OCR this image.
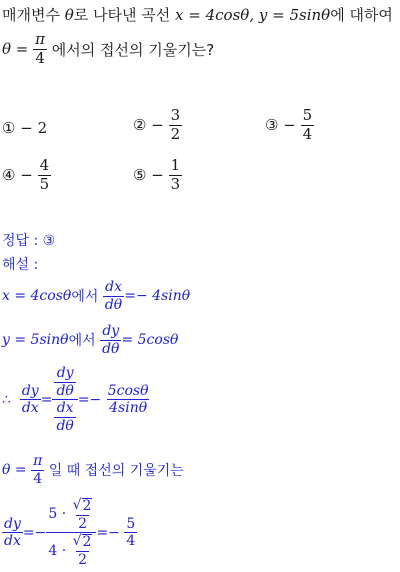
매개변수
θ 로 나타낸 곡선
x = 4cosθ,
y = 5sinθ 에 대하여
θ =
$\frac{\pi}{4}$
에서의 접선의 기울기는?
①
−
2	②
−
$\frac{3}{2}$	③
−
$\frac{5}{4}$
④
−
$\frac{4}{5}$	⑤
−
$\frac{1}{3}$
정답 : ③
해설 :
x = 4cosθ 에서
$\frac{dx}{d\theta} =- 4\sin\theta$
y = 5sinθ 에서
$\frac{dy}{d\theta} = 5\cos\theta$
∴
$\frac{dy}{dx} = \frac{\frac{dy}{d\theta}}{\frac{dx}{d\theta}}$ =−
$\frac{5\cos\theta}{4\sin\theta}$
θ =
$\frac{\pi}{4}$
일 때 접선의 기울기는
$\frac{dy}{dx} =- 5$ ·
$\frac{√ 2}{2}$
4 ·
$\frac{√ 2}{2}$ =−
$\frac{5}{4}$
